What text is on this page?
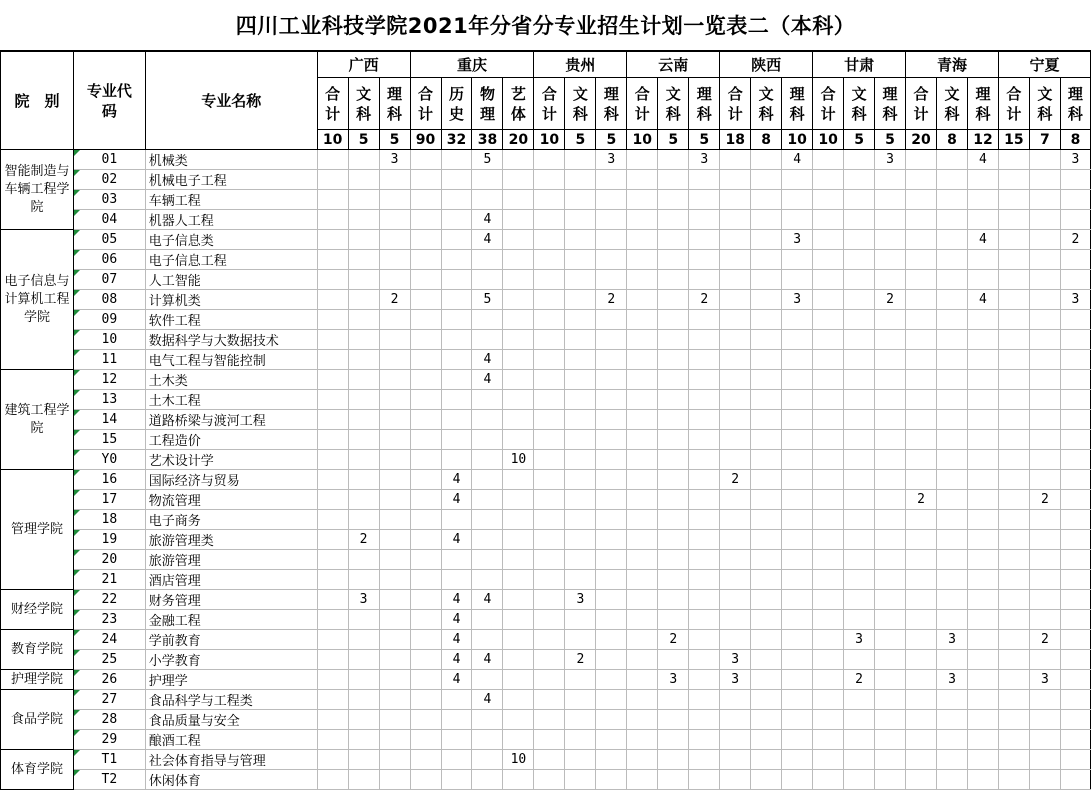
四川工业科技学院2021年分省分专业招生计划一览表二（本科）
院　别	专业代码	专业名称	广西			重庆				贵州			云南			陕西			甘肃			青海			宁夏		
			合计	文科	理科	合计	历史	物理	艺体	合计	文科	理科	合计	文科	理科	合计	文科	理科	合计	文科	理科	合计	文科	理科	合计	文科	理科
			10	5	5	90	32	38	20	10	5	5	10	5	5	18	8	10	10	5	5	20	8	12	15	7	8
智能制造与车辆工程学院	01	机械类			3			5				3			3			4			3			4			3
	02	机械电子工程																									
	03	车辆工程																									
	04	机器人工程						4																			
电子信息与计算机工程学院	05	电子信息类						4										3						4			2
	06	电子信息工程																									
	07	人工智能																									
	08	计算机类			2			5				2			2			3			2			4			3
	09	软件工程																									
	10	数据科学与大数据技术																									
	11	电气工程与智能控制						4																			
建筑工程学院	12	土木类						4																			
	13	土木工程																									
	14	道路桥梁与渡河工程																									
	15	工程造价																									
	Y0	艺术设计学							10																		
管理学院	16	国际经济与贸易					4									2											
	17	物流管理					4															2				2	
	18	电子商务																									
	19	旅游管理类		2			4																				
	20	旅游管理																									
	21	酒店管理																									
财经学院	22	财务管理		3			4	4			3																
	23	金融工程					4																				
教育学院	24	学前教育					4							2						3			3			2	
	25	小学教育					4	4			2					3											
护理学院	26	护理学					4							3		3				2			3			3	
食品学院	27	食品科学与工程类						4																			
	28	食品质量与安全																									
	29	酿酒工程																									
体育学院	T1	社会体育指导与管理							10																		
	T2	休闲体育																									
